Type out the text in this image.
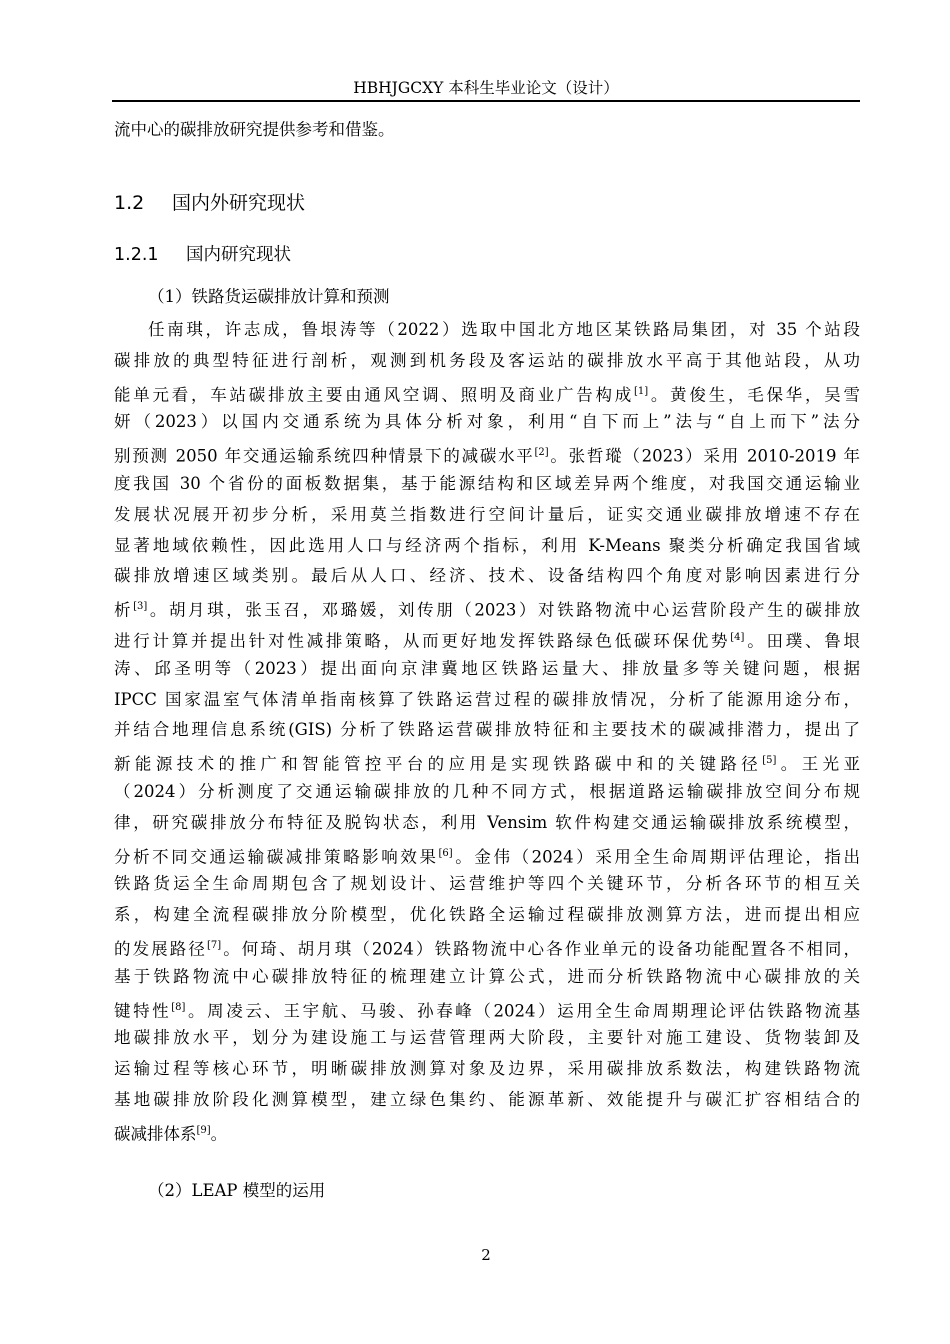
HBHJGCXY 本科生毕业论文（设计）
流中心的碳排放研究提供参考和借鉴。
1.2 国内外研究现状
1.2.1 国内研究现状
（1）铁路货运碳排放计算和预测
任南琪，许志成，鲁垠涛等（2022）选取中国北方地区某铁路局集团，对 35 个站段
碳排放的典型特征进行剖析，观测到机务段及客运站的碳排放水平高于其他站段，从功
能单元看，车站碳排放主要由通风空调、照明及商业广告构成[1]。黄俊生，毛保华，吴雪
妍（2023）以国内交通系统为具体分析对象，利用“自下而上”法与“自上而下”法分
别预测 2050 年交通运输系统四种情景下的减碳水平[2]。张哲瑽（2023）采用 2010-2019 年
度我国 30 个省份的面板数据集，基于能源结构和区域差异两个维度，对我国交通运输业
发展状况展开初步分析，采用莫兰指数进行空间计量后，证实交通业碳排放增速不存在
显著地域依赖性，因此选用人口与经济两个指标，利用 K-Means 聚类分析确定我国省域
碳排放增速区域类别。最后从人口、经济、技术、设备结构四个角度对影响因素进行分
析[3]。胡月琪，张玉召，邓璐媛，刘传朋（2023）对铁路物流中心运营阶段产生的碳排放
进行计算并提出针对性减排策略，从而更好地发挥铁路绿色低碳环保优势[4]。田璞、鲁垠
涛、邱圣明等（2023）提出面向京津冀地区铁路运量大、排放量多等关键问题，根据
IPCC 国家温室气体清单指南核算了铁路运营过程的碳排放情况，分析了能源用途分布，
并结合地理信息系统(GIS) 分析了铁路运营碳排放特征和主要技术的碳减排潜力，提出了
新能源技术的推广和智能管控平台的应用是实现铁路碳中和的关键路径[5]。王光亚
（2024）分析测度了交通运输碳排放的几种不同方式，根据道路运输碳排放空间分布规
律，研究碳排放分布特征及脱钩状态，利用 Vensim 软件构建交通运输碳排放系统模型，
分析不同交通运输碳减排策略影响效果[6]。金伟（2024）采用全生命周期评估理论，指出
铁路货运全生命周期包含了规划设计、运营维护等四个关键环节，分析各环节的相互关
系，构建全流程碳排放分阶模型，优化铁路全运输过程碳排放测算方法，进而提出相应
的发展路径[7]。何琦、胡月琪（2024）铁路物流中心各作业单元的设备功能配置各不相同，
基于铁路物流中心碳排放特征的梳理建立计算公式，进而分析铁路物流中心碳排放的关
键特性[8]。周凌云、王宇航、马骏、孙春峰（2024）运用全生命周期理论评估铁路物流基
地碳排放水平，划分为建设施工与运营管理两大阶段，主要针对施工建设、货物装卸及
运输过程等核心环节，明晰碳排放测算对象及边界，采用碳排放系数法，构建铁路物流
基地碳排放阶段化测算模型，建立绿色集约、能源革新、效能提升与碳汇扩容相结合的
碳减排体系[9]。
（2）LEAP 模型的运用
2
